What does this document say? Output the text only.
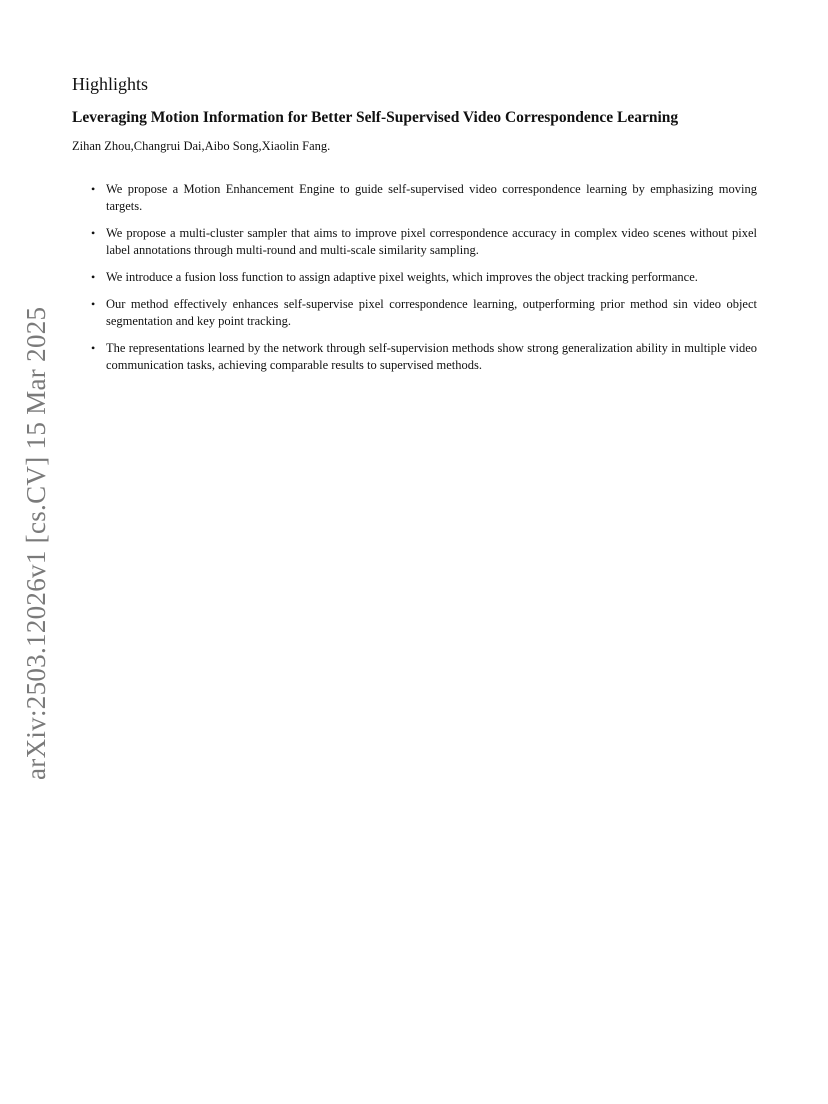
Highlights
Leveraging Motion Information for Better Self-Supervised Video Correspondence Learning

Zihan Zhou,Changrui Dai,Aibo Song,Xiaolin Fang.

• We propose a Motion Enhancement Engine to guide self-supervised video correspondence learning by emphasizing moving targets.
• We propose a multi-cluster sampler that aims to improve pixel correspondence accuracy in complex video scenes without pixel label annotations through multi-round and multi-scale similarity sampling.
• We introduce a fusion loss function to assign adaptive pixel weights, which improves the object tracking performance.
• Our method effectively enhances self-supervise pixel correspondence learning, outperforming prior method sin video object segmentation and key point tracking.
• The representations learned by the network through self-supervision methods show strong generalization ability in multiple video communication tasks, achieving comparable results to supervised methods.
arXiv:2503.12026v1 [cs.CV] 15 Mar 2025
